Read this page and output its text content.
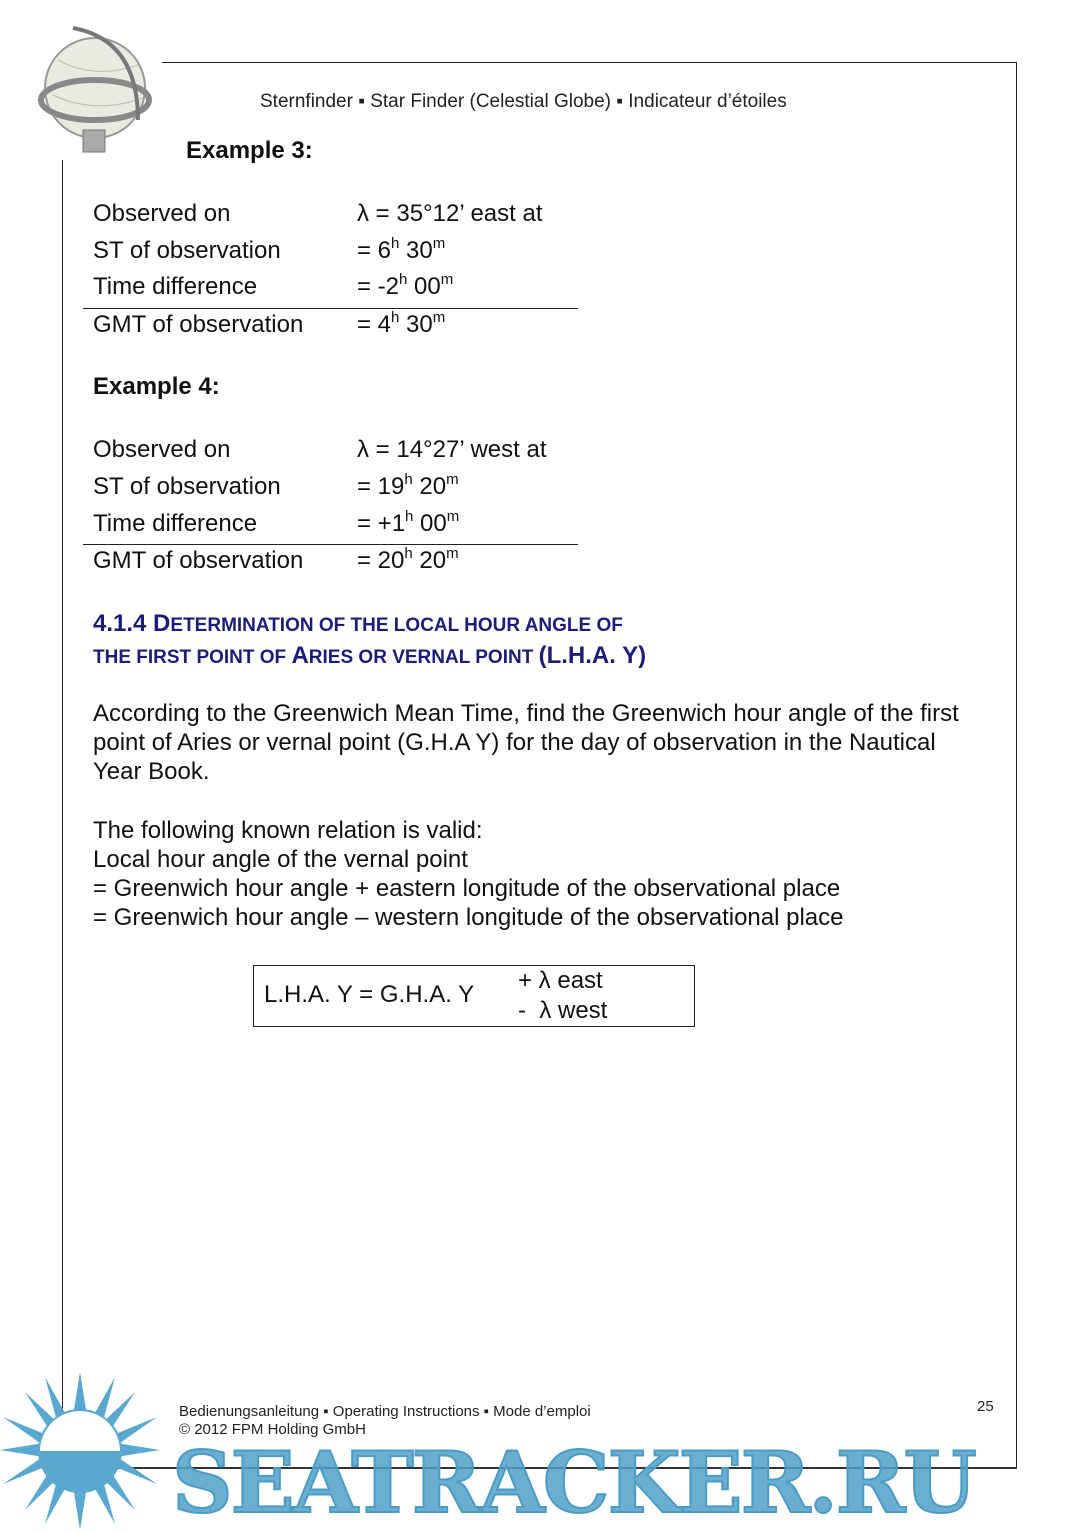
Sternfinder ▪ Star Finder (Celestial Globe) ▪ Indicateur d’étoiles
Example 3:
Observed on	λ = 35°12’ east at
ST of observation	= $6^h$ 30$^m$
Time difference	= $-2^h$ 00$^m$
GMT of observation = $4^h$ 30$^m$
Example 4:
Observed on	λ = 14°27’ west at
ST of observation	= $19^h$ 20$^m$
Time difference	= $+1^h$ 00$^m$
GMT of observation = $20^h$ 20$^m$
4.1.4 DETERMINATION OF THE LOCAL HOUR ANGLE OF
THE FIRST POINT OF ARIES OR VERNAL POINT (L.H.A. Y)
According to the Greenwich Mean Time, find the Greenwich hour angle of the first point of Aries or vernal point (G.H.A Y) for the day of observation in the Nautical Year Book.
The following known relation is valid:
Local hour angle of the vernal point
= Greenwich hour angle + eastern longitude of the observational place
= Greenwich hour angle – western longitude of the observational place
L.H.A. Y = G.H.A. Y
+ λ east
-  λ west
Bedienungsanleitung ▪ Operating Instructions ▪ Mode d’emploi
© 2012 FPM Holding GmbH
25
SEATRACKER.RU
